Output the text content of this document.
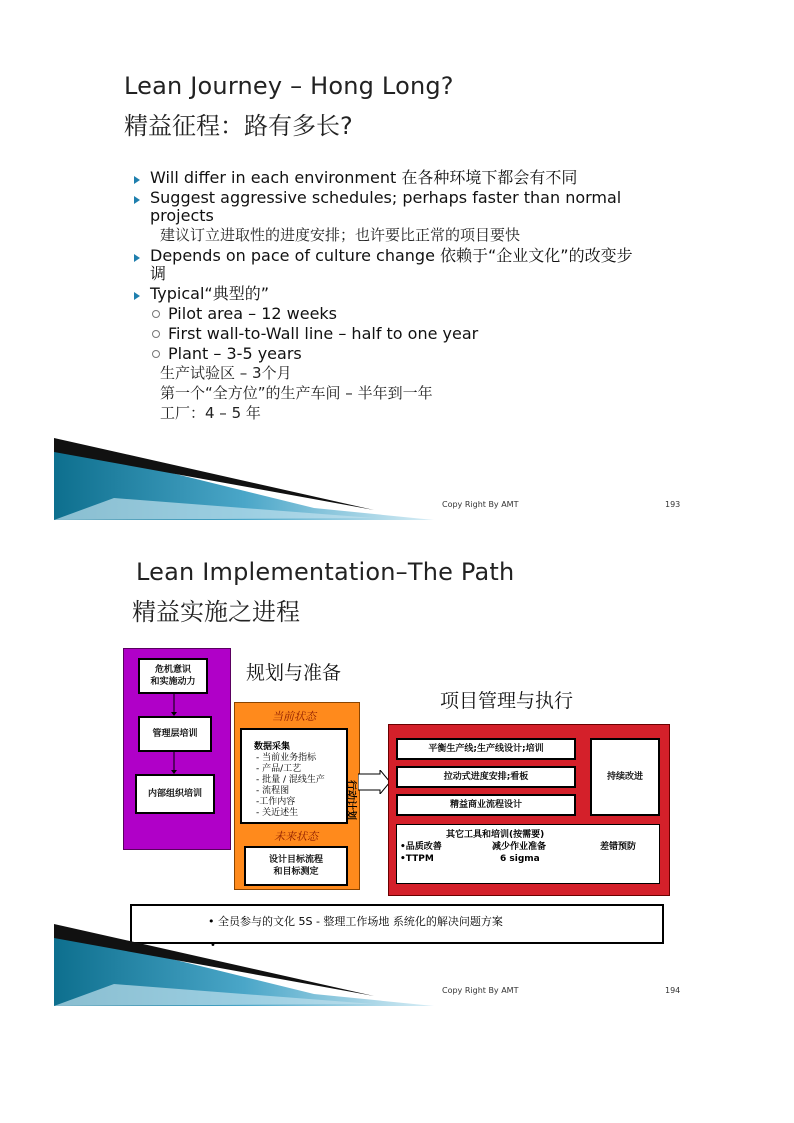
Lean Journey – Hong Long?
精益征程：路有多长?
Will differ in each environment 在各种环境下都会有不同
Suggest aggressive schedules; perhaps faster than normal
projects
建议订立进取性的进度安排；也许要比正常的项目要快
Depends on pace of culture change 依赖于“企业文化”的改变步
调
Typical“典型的”
Pilot area – 12 weeks
First wall-to-Wall line – half to one year
Plant – 3-5 years
生产试验区 – 3个月
第一个“全方位”的生产车间 – 半年到一年
工厂：4 – 5 年
Copy Right By AMT	193
Lean Implementation–The Path
精益实施之进程
危机意识
和实施动力
管理层培训
内部组织培训
规划与准备
项目管理与执行
当前状态
数据采集
- 当前业务指标
- 产品/工艺
- 批量 / 混线生产
- 流程图
-工作内容
- 关近述生
未来状态
设计目标流程
和目标测定
行动计划
平衡生产线;生产线设计;培训
拉动式进度安排;看板
精益商业流程设计
持续改进
其它工具和培训(按需要)
•品质改善	减少作业准备	差错预防
•TTPM	6 sigma
• 全员参与的文化 5S - 整理工作场地 系统化的解决问题方案
•
Copy Right By AMT	194
